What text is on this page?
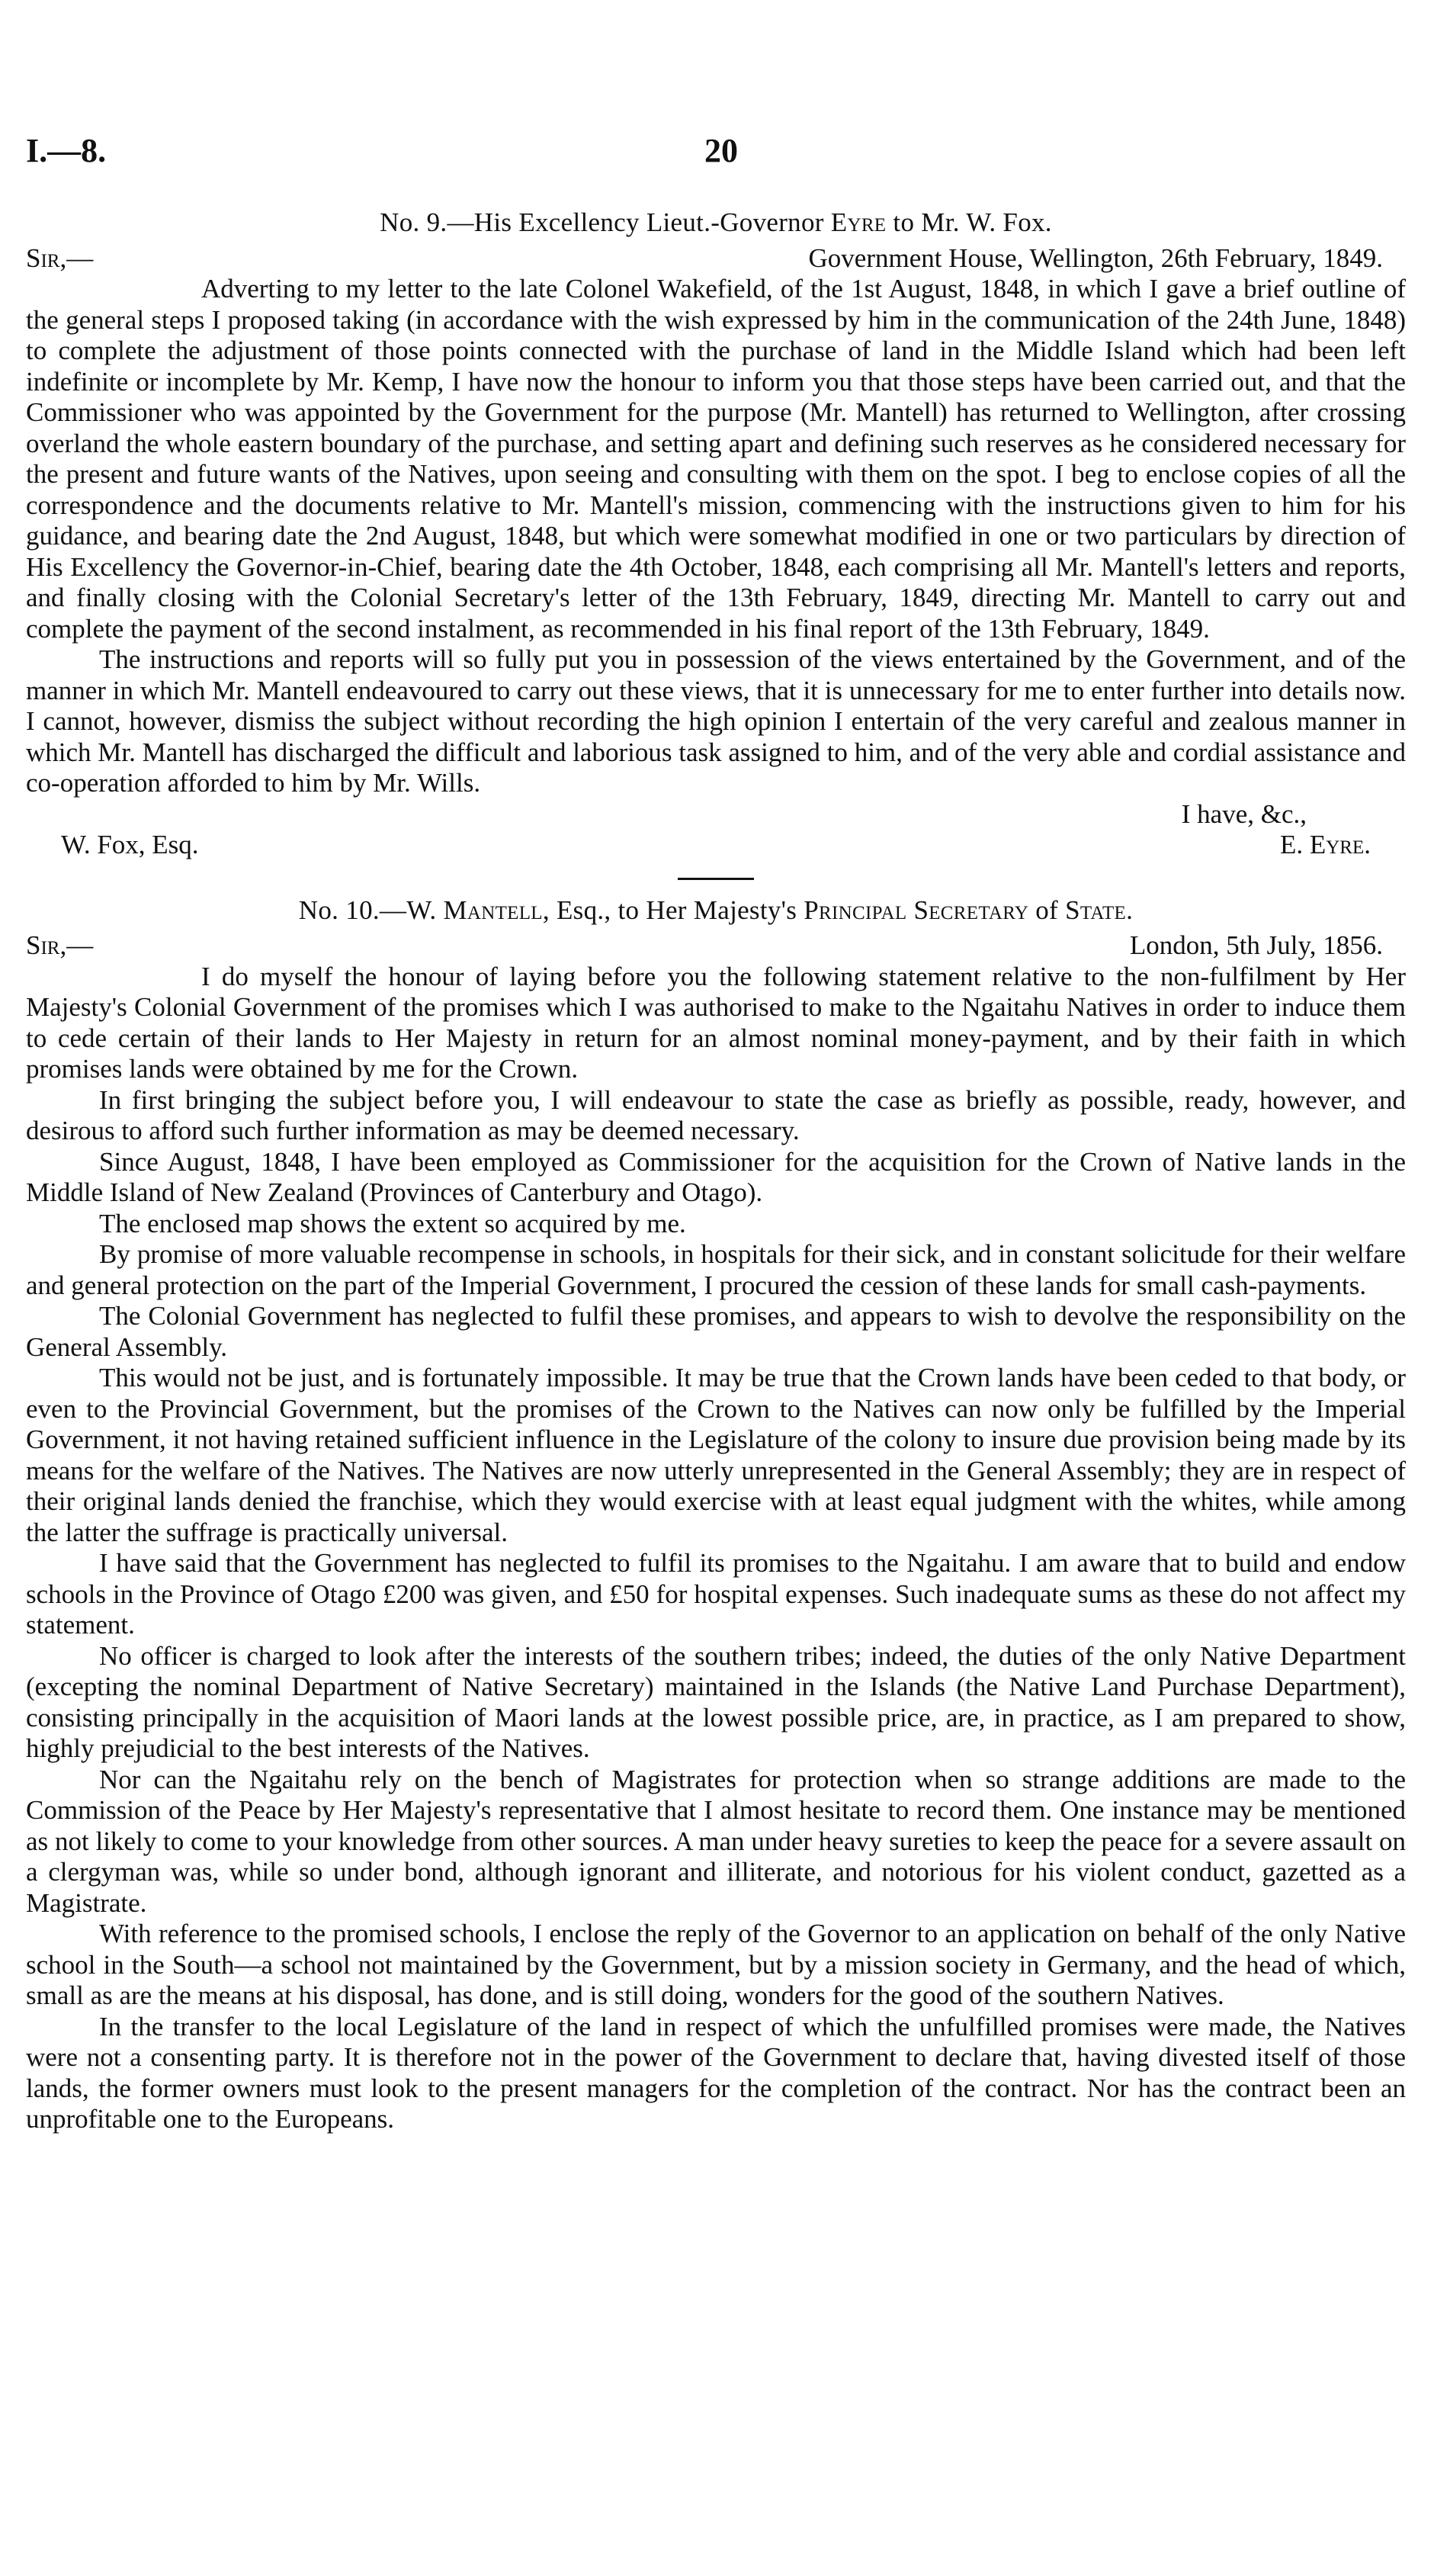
I.—8.	20
No. 9.—His Excellency Lieut.-Governor Eyre to Mr. W. Fox.
Sir,—	Government House, Wellington, 26th February, 1849.

Adverting to my letter to the late Colonel Wakefield, of the 1st August, 1848, in which I gave a brief outline of the general steps I proposed taking (in accordance with the wish expressed by him in the communication of the 24th June, 1848) to complete the adjustment of those points connected with the purchase of land in the Middle Island which had been left indefinite or incomplete by Mr. Kemp, I have now the honour to inform you that those steps have been carried out, and that the Commissioner who was appointed by the Government for the purpose (Mr. Mantell) has returned to Wellington, after crossing overland the whole eastern boundary of the purchase, and setting apart and defining such reserves as he considered necessary for the present and future wants of the Natives, upon seeing and consulting with them on the spot. I beg to enclose copies of all the correspondence and the documents relative to Mr. Mantell's mission, commencing with the instructions given to him for his guidance, and bearing date the 2nd August, 1848, but which were somewhat modified in one or two particulars by direction of His Excellency the Governor-in-Chief, bearing date the 4th October, 1848, each comprising all Mr. Mantell's letters and reports, and finally closing with the Colonial Secretary's letter of the 13th February, 1849, directing Mr. Mantell to carry out and complete the payment of the second instalment, as recommended in his final report of the 13th February, 1849.

The instructions and reports will so fully put you in possession of the views entertained by the Government, and of the manner in which Mr. Mantell endeavoured to carry out these views, that it is unnecessary for me to enter further into details now. I cannot, however, dismiss the subject without recording the high opinion I entertain of the very careful and zealous manner in which Mr. Mantell has discharged the difficult and laborious task assigned to him, and of the very able and cordial assistance and co-operation afforded to him by Mr. Wills.

I have, &c.,
W. Fox, Esq.	E. Eyre.
No. 10.—W. Mantell, Esq., to Her Majesty's Principal Secretary of State.
Sir,—	London, 5th July, 1856.

I do myself the honour of laying before you the following statement relative to the non-fulfilment by Her Majesty's Colonial Government of the promises which I was authorised to make to the Ngaitahu Natives in order to induce them to cede certain of their lands to Her Majesty in return for an almost nominal money-payment, and by their faith in which promises lands were obtained by me for the Crown.

In first bringing the subject before you, I will endeavour to state the case as briefly as possible, ready, however, and desirous to afford such further information as may be deemed necessary.

Since August, 1848, I have been employed as Commissioner for the acquisition for the Crown of Native lands in the Middle Island of New Zealand (Provinces of Canterbury and Otago).

The enclosed map shows the extent so acquired by me.

By promise of more valuable recompense in schools, in hospitals for their sick, and in constant solicitude for their welfare and general protection on the part of the Imperial Government, I procured the cession of these lands for small cash-payments.

The Colonial Government has neglected to fulfil these promises, and appears to wish to devolve the responsibility on the General Assembly.

This would not be just, and is fortunately impossible. It may be true that the Crown lands have been ceded to that body, or even to the Provincial Government, but the promises of the Crown to the Natives can now only be fulfilled by the Imperial Government, it not having retained sufficient influence in the Legislature of the colony to insure due provision being made by its means for the welfare of the Natives. The Natives are now utterly unrepresented in the General Assembly; they are in respect of their original lands denied the franchise, which they would exercise with at least equal judgment with the whites, while among the latter the suffrage is practically universal.

I have said that the Government has neglected to fulfil its promises to the Ngaitahu. I am aware that to build and endow schools in the Province of Otago £200 was given, and £50 for hospital expenses. Such inadequate sums as these do not affect my statement.

No officer is charged to look after the interests of the southern tribes; indeed, the duties of the only Native Department (excepting the nominal Department of Native Secretary) maintained in the Islands (the Native Land Purchase Department), consisting principally in the acquisition of Maori lands at the lowest possible price, are, in practice, as I am prepared to show, highly prejudicial to the best interests of the Natives.

Nor can the Ngaitahu rely on the bench of Magistrates for protection when so strange additions are made to the Commission of the Peace by Her Majesty's representative that I almost hesitate to record them. One instance may be mentioned as not likely to come to your knowledge from other sources. A man under heavy sureties to keep the peace for a severe assault on a clergyman was, while so under bond, although ignorant and illiterate, and notorious for his violent conduct, gazetted as a Magistrate.

With reference to the promised schools, I enclose the reply of the Governor to an application on behalf of the only Native school in the South—a school not maintained by the Government, but by a mission society in Germany, and the head of which, small as are the means at his disposal, has done, and is still doing, wonders for the good of the southern Natives.

In the transfer to the local Legislature of the land in respect of which the unfulfilled promises were made, the Natives were not a consenting party. It is therefore not in the power of the Government to declare that, having divested itself of those lands, the former owners must look to the present managers for the completion of the contract. Nor has the contract been an unprofitable one to the Europeans.
